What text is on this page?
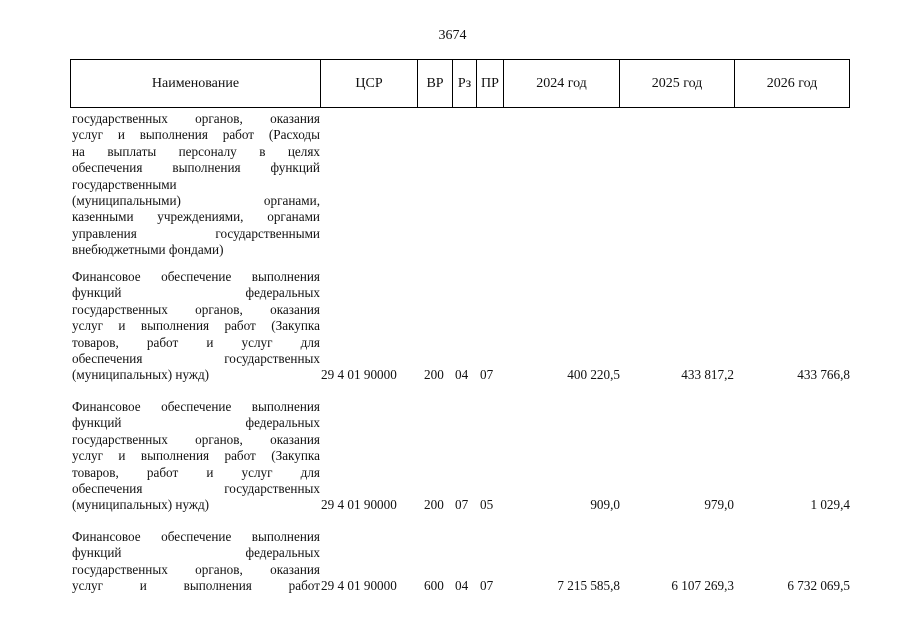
3674
Наименование	ЦСР	ВР	Рз ПР	2024 год	2025 год	2026 год
государственных органов, оказания
услуг и выполнения работ (Расходы
на выплаты персоналу в целях
обеспечения выполнения функций
государственными
(муниципальными) органами,
казенными учреждениями, органами
управления государственными
внебюджетными фондами)
Финансовое обеспечение выполнения
функций федеральных
государственных органов, оказания
услуг и выполнения работ (Закупка
товаров, работ и услуг для
обеспечения государственных
(муниципальных) нужд)	29 4 01 90000	200 04 07	400 220,5	433 817,2	433 766,8
Финансовое обеспечение выполнения
функций федеральных
государственных органов, оказания
услуг и выполнения работ (Закупка
товаров, работ и услуг для
обеспечения государственных
(муниципальных) нужд)	29 4 01 90000	200 07 05	909,0	979,0	1 029,4
Финансовое обеспечение выполнения
функций федеральных
государственных органов, оказания
услуг и выполнения работ 29 4 01 90000	600 04 07	7 215 585,8	6 107 269,3	6 732 069,5
